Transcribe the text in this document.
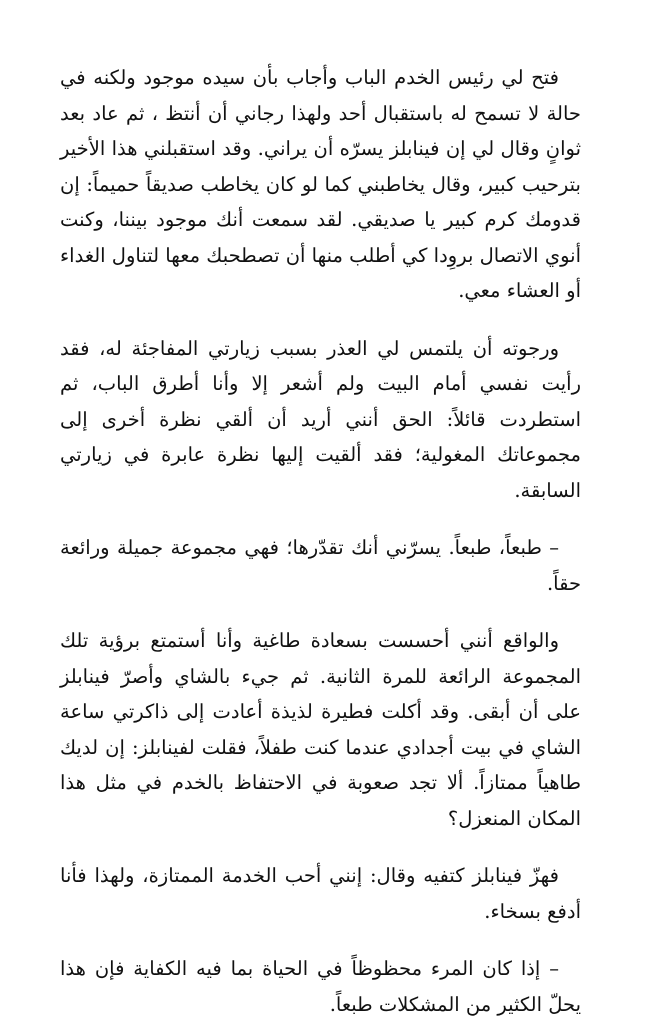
فتح لي رئيس الخدم الباب وأجاب بأن سيده موجود ولكنه في حالة لا تسمح له باستقبال أحد ولهذا رجاني أن أنتظ ، ثم عاد بعد ثوانٍ وقال لي إن فينابلز يسرّه أن يراني. وقد استقبلني هذا الأخير بترحيب كبير، وقال يخاطبني كما لو كان يخاطب صديقاً حميماً: إن قدومك كرم كبير يا صديقي. لقد سمعت أنك موجود بيننا، وكنت أنوي الاتصال بروِدا كي أطلب منها أن تصطحبك معها لتناول الغداء أو العشاء معي.

ورجوته أن يلتمس لي العذر بسبب زيارتي المفاجئة له، فقد رأيت نفسي أمام البيت ولم أشعر إلا وأنا أطرق الباب، ثم استطردت قائلاً: الحق أنني أريد أن ألقي نظرة أخرى إلى مجموعاتك المغولية؛ فقد ألقيت إليها نظرة عابرة في زيارتي السابقة.

– طبعاً، طبعاً. يسرّني أنك تقدّرها؛ فهي مجموعة جميلة ورائعة حقاً.

والواقع أنني أحسست بسعادة طاغية وأنا أستمتع برؤية تلك المجموعة الرائعة للمرة الثانية. ثم جيء بالشاي وأصرّ فينابلز على أن أبقى. وقد أكلت فطيرة لذيذة أعادت إلى ذاكرتي ساعة الشاي في بيت أجدادي عندما كنت طفلاً، فقلت لفينابلز: إن لديك طاهياً ممتازاً. ألا تجد صعوبة في الاحتفاظ بالخدم في مثل هذا المكان المنعزل؟

فهزّ فينابلز كتفيه وقال: إنني أحب الخدمة الممتازة، ولهذا فأنا أدفع بسخاء.

– إذا كان المرء محظوظاً في الحياة بما فيه الكفاية فإن هذا يحلّ الكثير من المشكلات طبعاً.
